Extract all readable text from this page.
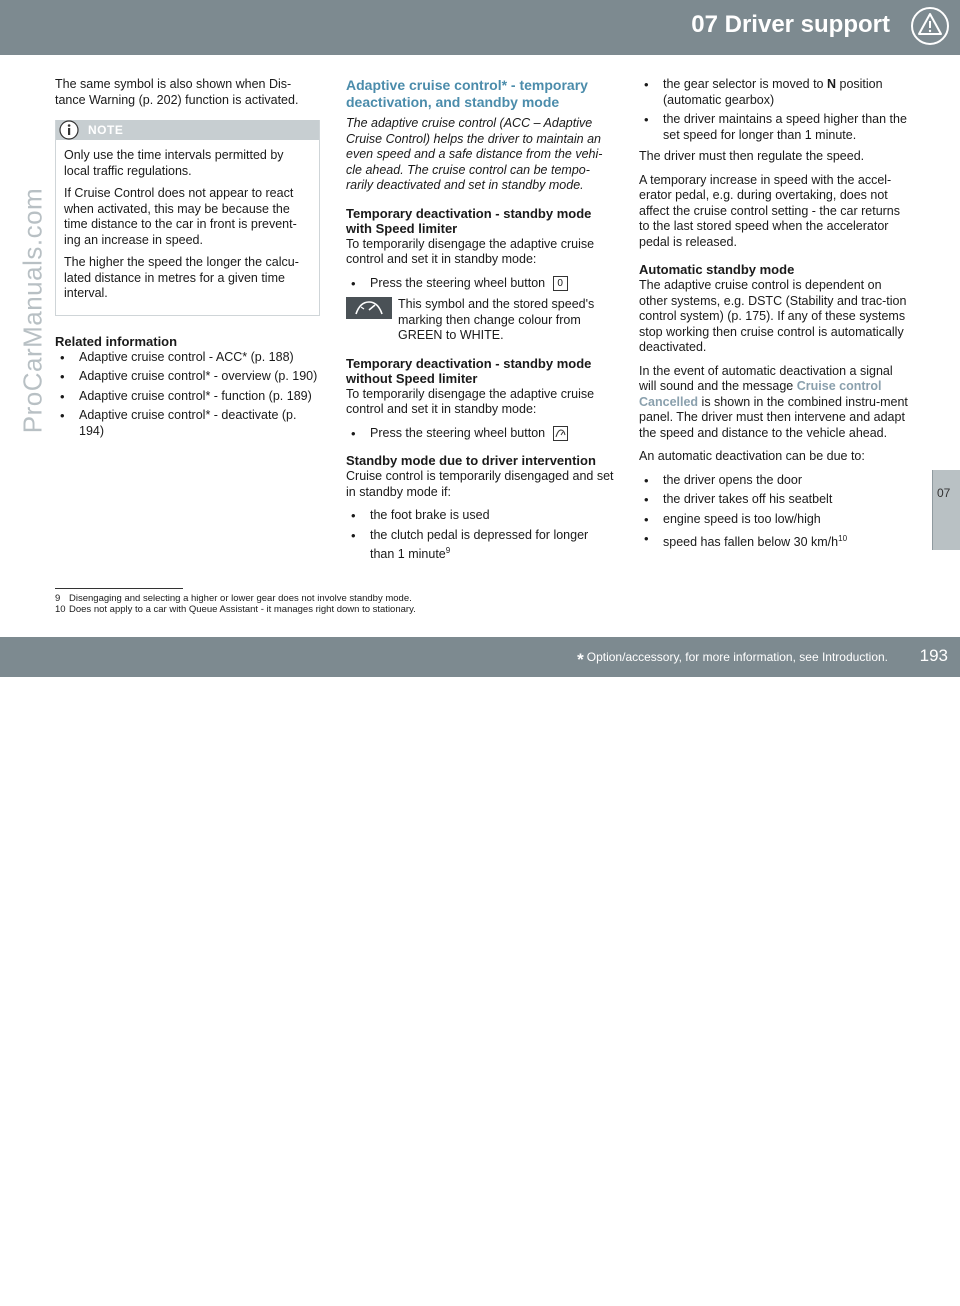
07 Driver support
ProCarManuals.com
07

The same symbol is also shown when Dis-tance Warning (p. 202) function is activated.

NOTE

Only use the time intervals permitted by local traffic regulations.

If Cruise Control does not appear to react when activated, this may be because the time distance to the car in front is prevent-ing an increase in speed.

The higher the speed the longer the calcu-lated distance in metres for a given time interval.

Related information
• Adaptive cruise control - ACC* (p. 188)
• Adaptive cruise control* - overview (p. 190)
• Adaptive cruise control* - function (p. 189)
• Adaptive cruise control* - deactivate (p. 194)
Adaptive cruise control* - temporary deactivation, and standby mode

The adaptive cruise control (ACC – Adaptive Cruise Control) helps the driver to maintain an even speed and a safe distance from the vehi-cle ahead. The cruise control can be tempo-rarily deactivated and set in standby mode.

Temporary deactivation - standby mode with Speed limiter

To temporarily disengage the adaptive cruise control and set it in standby mode:

• Press the steering wheel button 0
This symbol and the stored speed's marking then change colour from GREEN to WHITE.
Temporary deactivation - standby mode without Speed limiter

To temporarily disengage the adaptive cruise control and set it in standby mode:

• Press the steering wheel button
Standby mode due to driver intervention

Cruise control is temporarily disengaged and set in standby mode if:

• the foot brake is used
• the clutch pedal is depressed for longer than 1 minute$^9$
• the gear selector is moved to N position (automatic gearbox)
• the driver maintains a speed higher than the set speed for longer than 1 minute.

The driver must then regulate the speed.

A temporary increase in speed with the accel-erator pedal, e.g. during overtaking, does not affect the cruise control setting - the car returns to the last stored speed when the accelerator pedal is released.

Automatic standby mode

The adaptive cruise control is dependent on other systems, e.g. DSTC (Stability and trac-tion control system) (p. 175). If any of these systems stop working then cruise control is automatically deactivated.

In the event of automatic deactivation a signal will sound and the message Cruise control Cancelled is shown in the combined instru-ment panel. The driver must then intervene and adapt the speed and distance to the vehicle ahead.

An automatic deactivation can be due to:

• the driver opens the door
• the driver takes off his seatbelt
• engine speed is too low/high
• speed has fallen below 30 $km/h^{10}$
9 Disengaging and selecting a higher or lower gear does not involve standby mode.
10 Does not apply to a car with Queue Assistant - it manages right down to stationary.
* Option/accessory, for more information, see Introduction. 193
carmanualsonline.info
